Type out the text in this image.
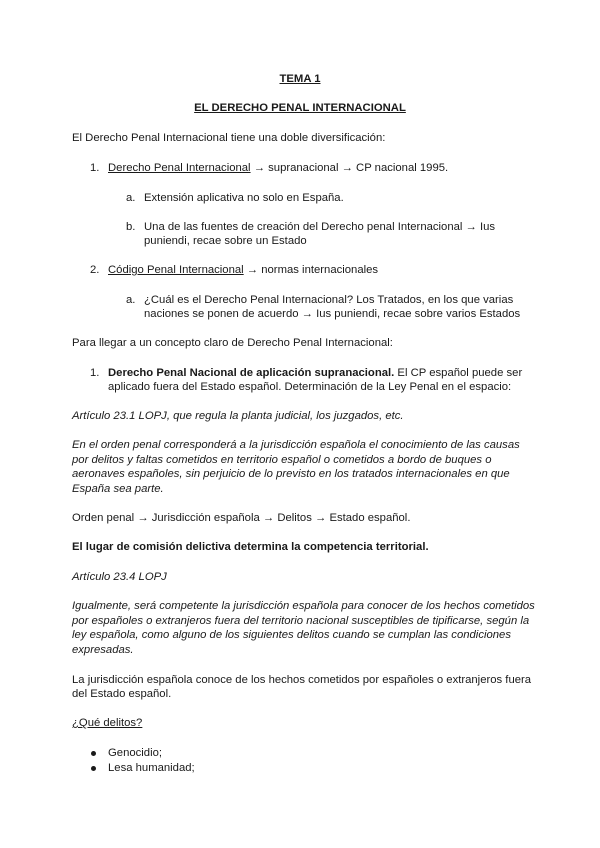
TEMA 1
EL DERECHO PENAL INTERNACIONAL
El Derecho Penal Internacional tiene una doble diversificación:
1. Derecho Penal Internacional → supranacional → CP nacional 1995.
a. Extensión aplicativa no solo en España.
b. Una de las fuentes de creación del Derecho penal Internacional → Ius
puniendi, recae sobre un Estado
2. Código Penal Internacional → normas internacionales
a. ¿Cuál es el Derecho Penal Internacional? Los Tratados, en los que varias
naciones se ponen de acuerdo → Ius puniendi, recae sobre varios Estados
Para llegar a un concepto claro de Derecho Penal Internacional:
1. Derecho Penal Nacional de aplicación supranacional. El CP español puede ser
aplicado fuera del Estado español. Determinación de la Ley Penal en el espacio:
Artículo 23.1 LOPJ, que regula la planta judicial, los juzgados, etc.
En el orden penal corresponderá a la jurisdicción española el conocimiento de las causas
por delitos y faltas cometidos en territorio español o cometidos a bordo de buques o
aeronaves españoles, sin perjuicio de lo previsto en los tratados internacionales en que
España sea parte.
Orden penal → Jurisdicción española → Delitos → Estado español.
El lugar de comisión delictiva determina la competencia territorial.
Artículo 23.4 LOPJ
Igualmente, será competente la jurisdicción española para conocer de los hechos cometidos
por españoles o extranjeros fuera del territorio nacional susceptibles de tipificarse, según la
ley española, como alguno de los siguientes delitos cuando se cumplan las condiciones
expresadas.
La jurisdicción española conoce de los hechos cometidos por españoles o extranjeros fuera
del Estado español.
¿Qué delitos?
Genocidio;
Lesa humanidad;
